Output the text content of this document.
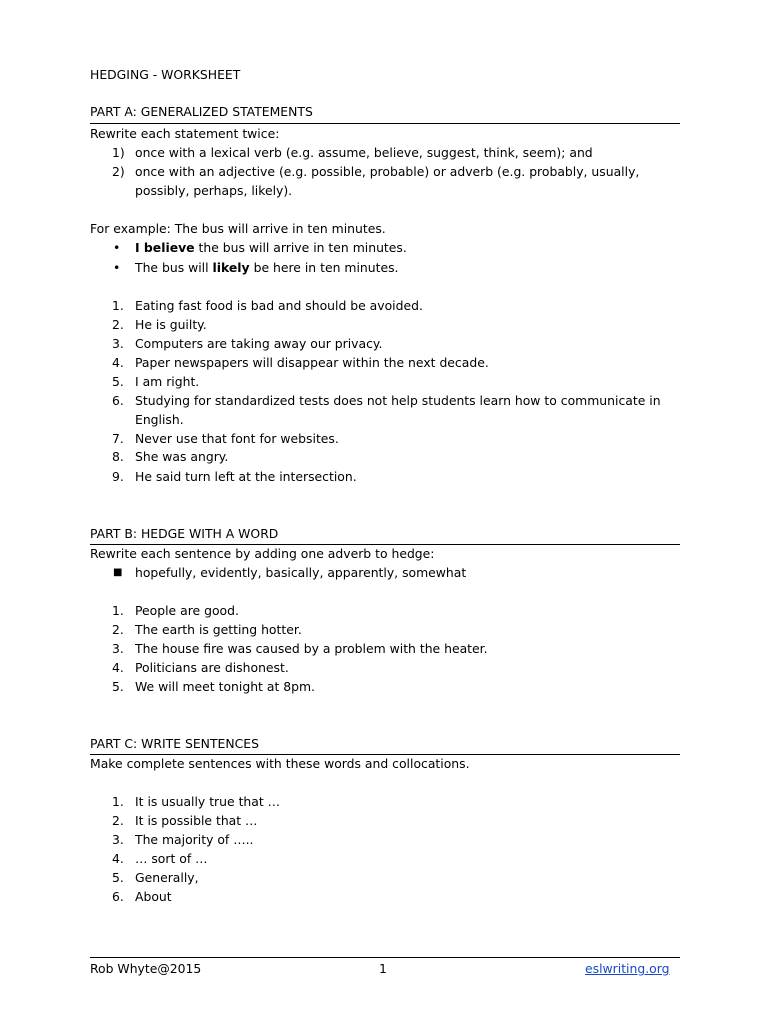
HEDGING - WORKSHEET
PART A: GENERALIZED STATEMENTS
Rewrite each statement twice:
1) once with a lexical verb (e.g. assume, believe, suggest, think, seem); and
2) once with an adjective (e.g. possible, probable) or adverb (e.g. probably, usually,
possibly, perhaps, likely).
For example: The bus will arrive in ten minutes.
• I believe the bus will arrive in ten minutes.
• The bus will likely be here in ten minutes.
1. Eating fast food is bad and should be avoided.
2. He is guilty.
3. Computers are taking away our privacy.
4. Paper newspapers will disappear within the next decade.
5. I am right.
6. Studying for standardized tests does not help students learn how to communicate in
English.
7. Never use that font for websites.
8. She was angry.
9. He said turn left at the intersection.
PART B: HEDGE WITH A WORD
Rewrite each sentence by adding one adverb to hedge:
■ hopefully, evidently, basically, apparently, somewhat
1. People are good.
2. The earth is getting hotter.
3. The house fire was caused by a problem with the heater.
4. Politicians are dishonest.
5. We will meet tonight at 8pm.
PART C: WRITE SENTENCES
Make complete sentences with these words and collocations.
1. It is usually true that …
2. It is possible that …
3. The majority of …..
4. … sort of …
5. Generally,
6. About
Rob Whyte@2015	1	eslwriting.org
